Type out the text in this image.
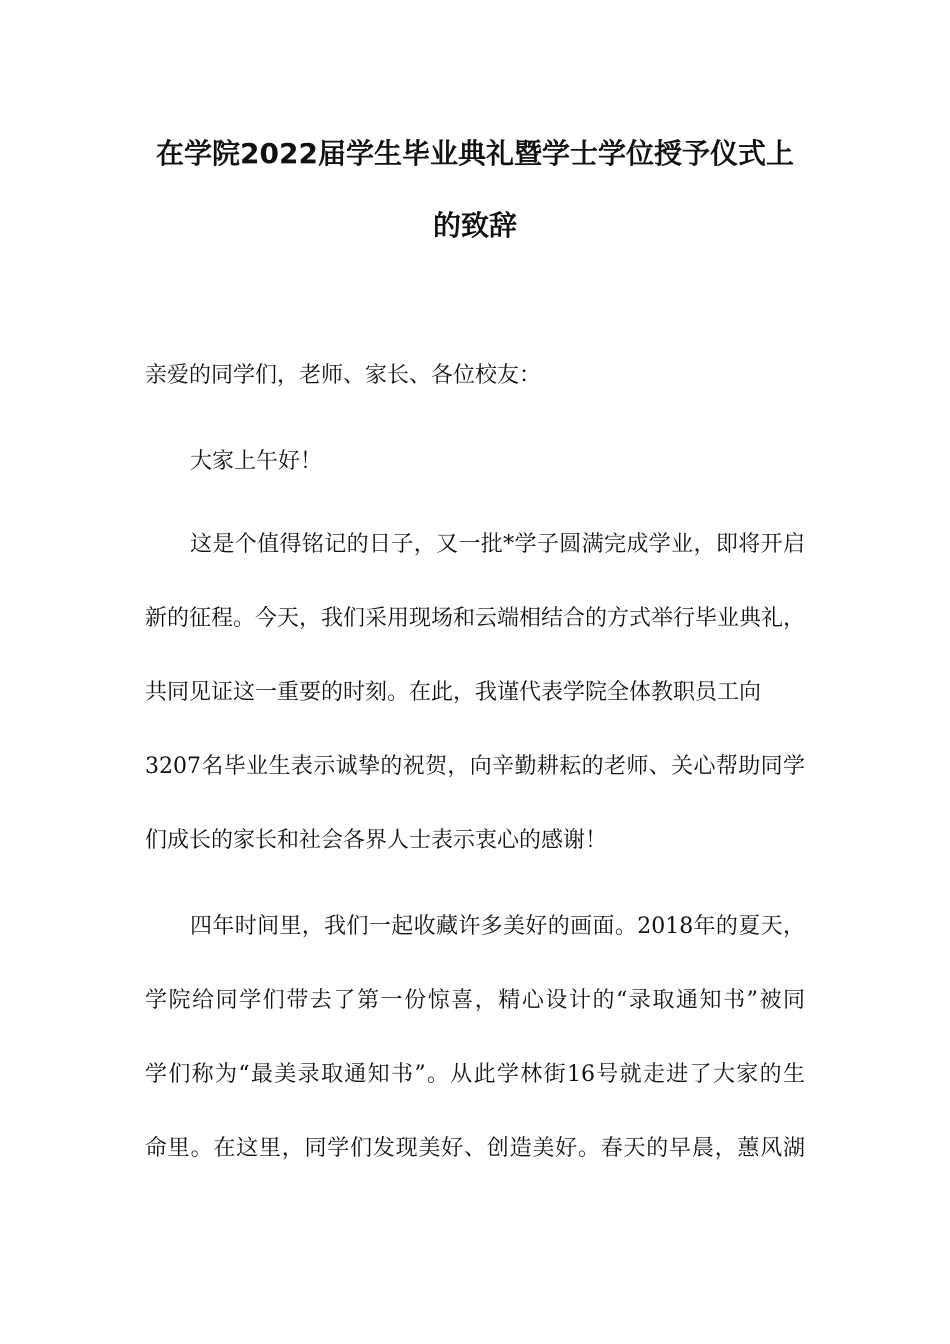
在学院2022届学生毕业典礼暨学士学位授予仪式上
的致辞
亲爱的同学们，老师、家长、各位校友：
大家上午好！
这是个值得铭记的日子，又一批*学子圆满完成学业，即将开启
新的征程。今天，我们采用现场和云端相结合的方式举行毕业典礼，
共同见证这一重要的时刻。在此，我谨代表学院全体教职员工向
3207名毕业生表示诚挚的祝贺，向辛勤耕耘的老师、关心帮助同学
们成长的家长和社会各界人士表示衷心的感谢！
四年时间里，我们一起收藏许多美好的画面。2018年的夏天，
学院给同学们带去了第一份惊喜，精心设计的“录取通知书”被同
学们称为“最美录取通知书”。从此学林街16号就走进了大家的生
命里。在这里，同学们发现美好、创造美好。春天的早晨，蕙风湖
